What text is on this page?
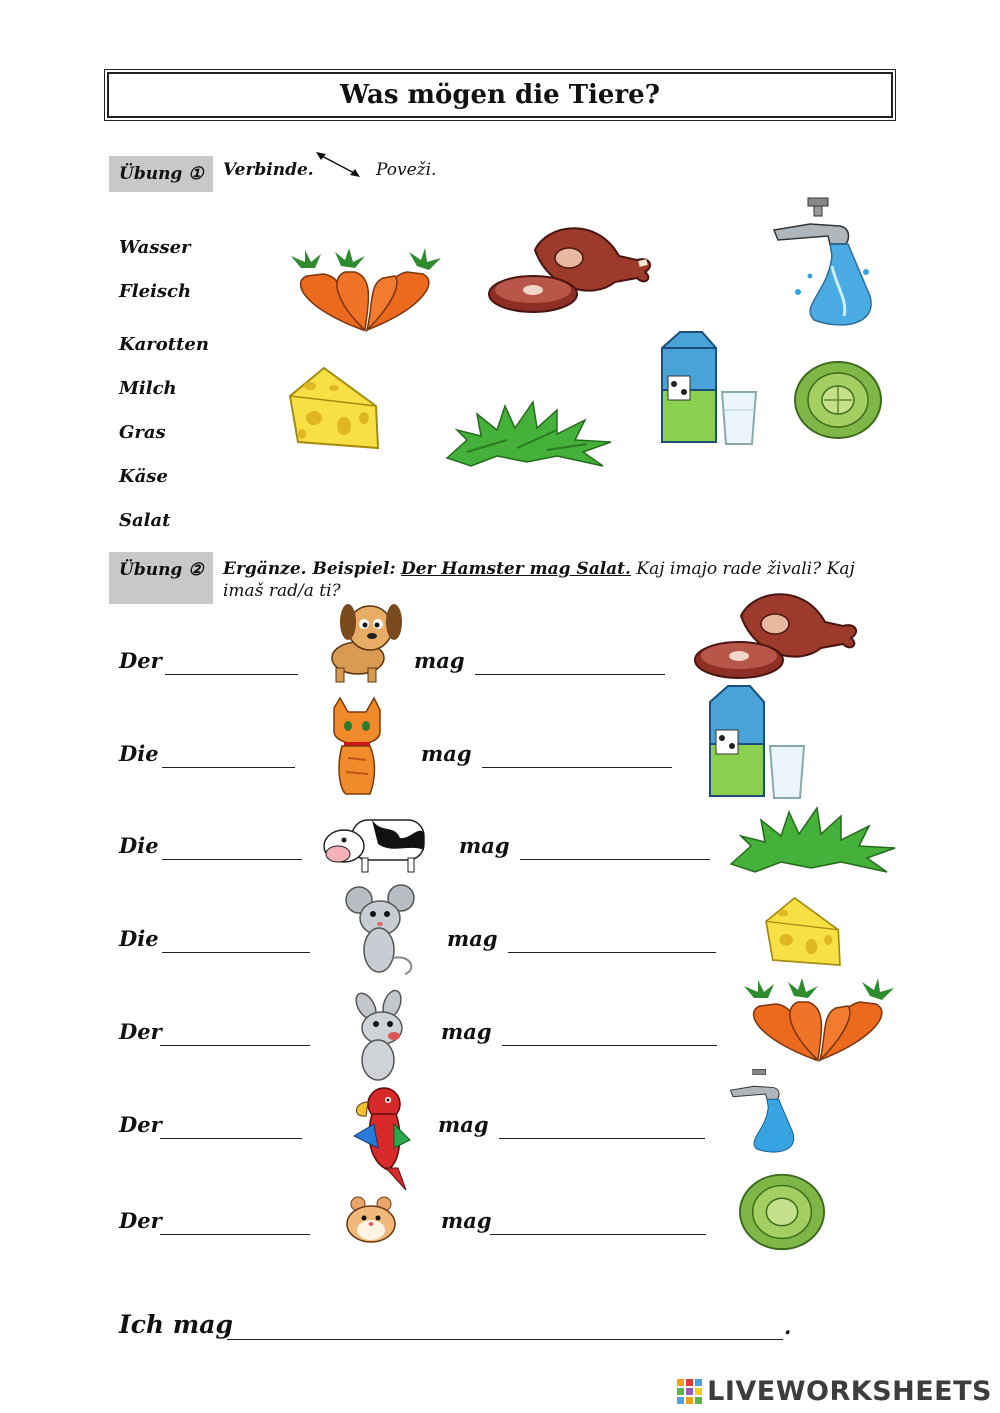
Was mögen die Tiere?
Übung ①	Verbinde.	Poveži.
Wasser
Fleisch
Karotten
Milch
Gras
Käse
Salat
Übung ②	Ergänze. Beispiel: Der Hamster mag Salat. Kaj imajo rade živali? Kaj imaš rad/a ti?
Der	mag
Die	mag
Die	mag
Die	mag
Der	mag
Der	mag
Der	mag
Ich mag	.
LIVEWORKSHEETS
